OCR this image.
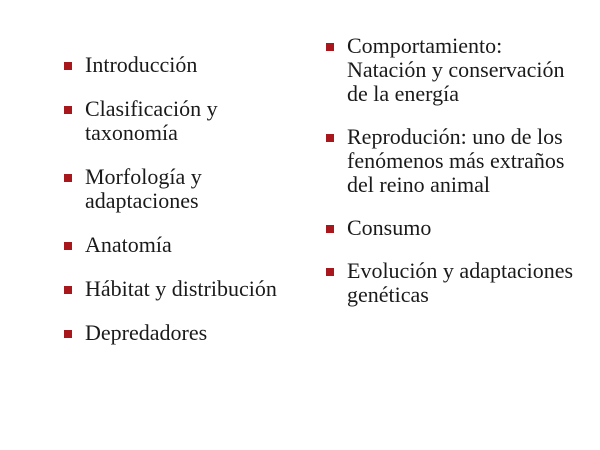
Introducción
Clasificación y taxonomía
Morfología y adaptaciones
Anatomía
Hábitat y distribución
Depredadores
Comportamiento: Natación y conservación de la energía
Reprodución: uno de los fenómenos más extraños del reino animal
Consumo
Evolución y adaptaciones genéticas
